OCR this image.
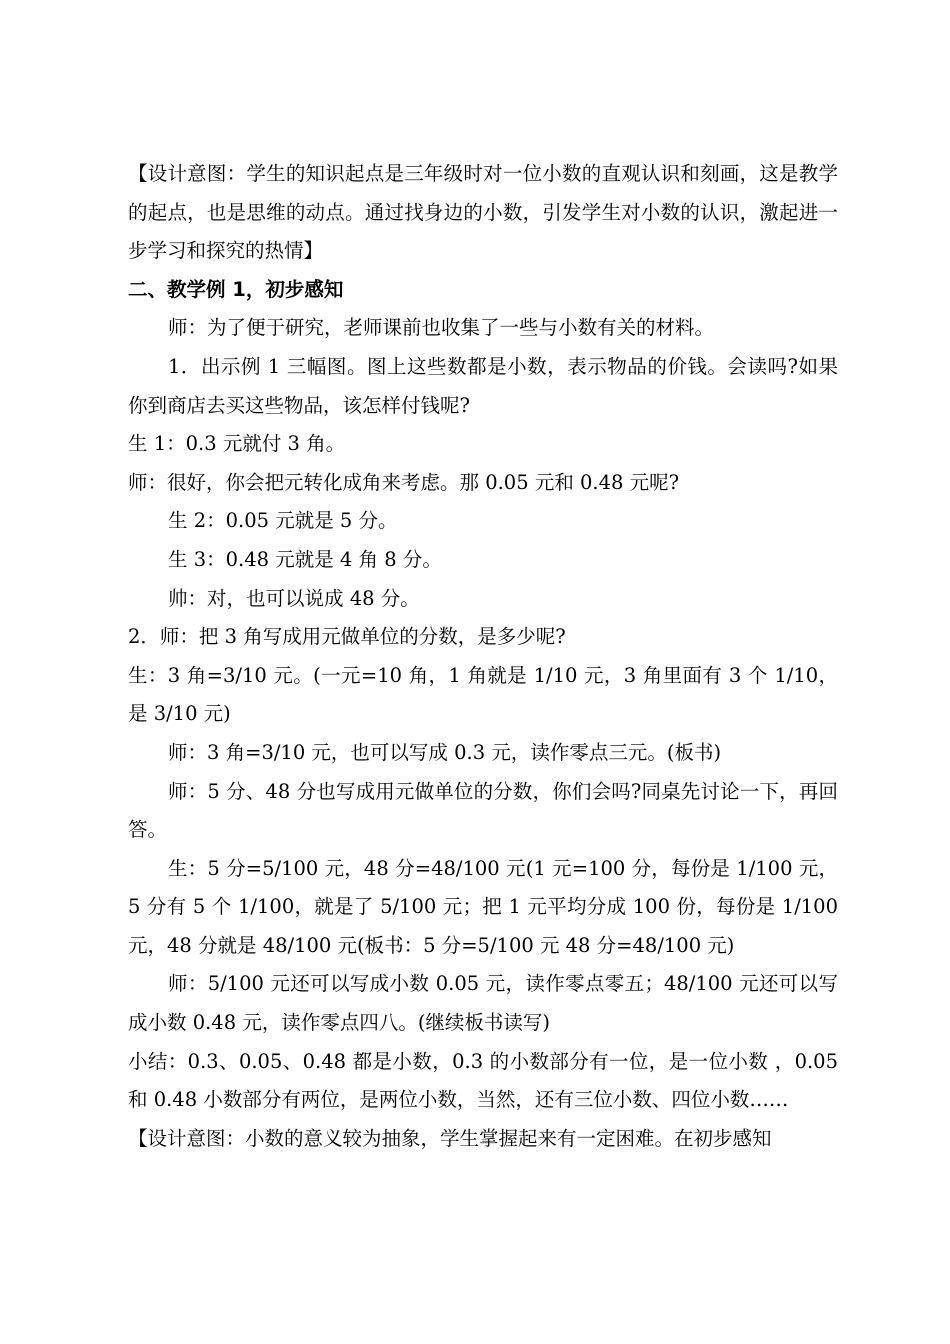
【设计意图：学生的知识起点是三年级时对一位小数的直观认识和刻画，这是教学的起点，也是思维的动点。通过找身边的小数，引发学生对小数的认识，激起进一步学习和探究的热情】

二、教学例 1，初步感知

师：为了便于研究，老师课前也收集了一些与小数有关的材料。

1．出示例 1 三幅图。图上这些数都是小数，表示物品的价钱。会读吗?如果你到商店去买这些物品，该怎样付钱呢?

生 1：0.3 元就付 3 角。

师：很好，你会把元转化成角来考虑。那 0.05 元和 0.48 元呢?

生 2：0.05 元就是 5 分。

生 3：0.48 元就是 4 角 8 分。

帅：对，也可以说成 48 分。

2．师：把 3 角写成用元做单位的分数，是多少呢?

生：3 角=3/10 元。(一元=10 角，1 角就是 1/10 元，3 角里面有 3 个 1/10，是 3/10 元)

师：3 角=3/10 元，也可以写成 0.3 元，读作零点三元。(板书)

师：5 分、48 分也写成用元做单位的分数，你们会吗?同桌先讨论一下，再回答。

生：5 分=5/100 元，48 分=48/100 元(1 元=100 分，每份是 1/100 元，5 分有 5 个 1/100，就是了 5/100 元；把 1 元平均分成 100 份，每份是 1/100 元，48 分就是 48/100 元(板书：5 分=5/100 元 48 分=48/100 元)

师：5/100 元还可以写成小数 0.05 元，读作零点零五；48/100 元还可以写成小数 0.48 元，读作零点四八。(继续板书读写)

小结：0.3、0.05、0.48 都是小数，0.3 的小数部分有一位，是一位小数 ，0.05 和 0.48 小数部分有两位，是两位小数，当然，还有三位小数、四位小数……

【设计意图：小数的意义较为抽象，学生掌握起来有一定困难。在初步感知
